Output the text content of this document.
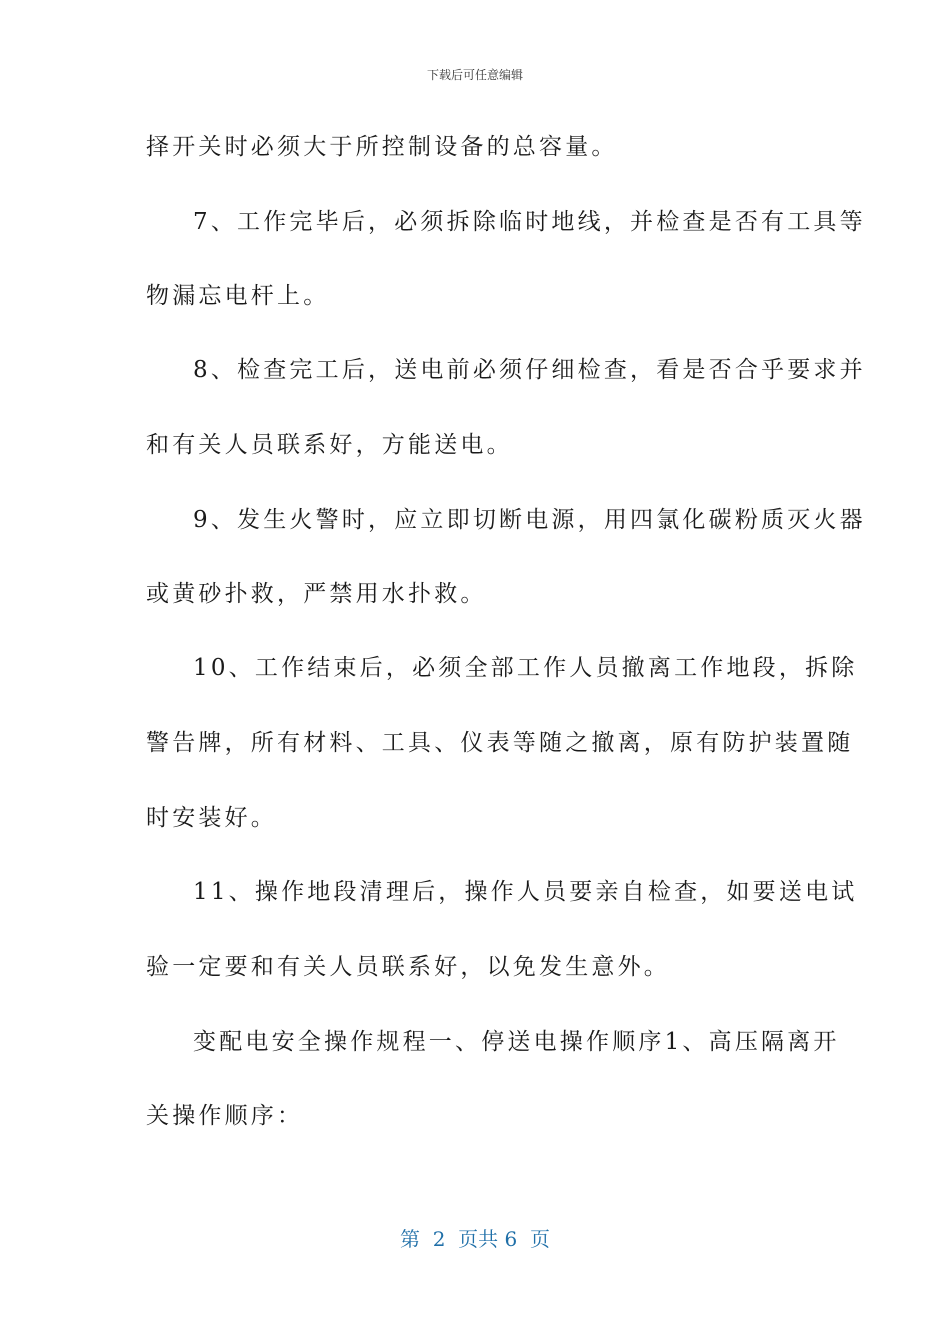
下载后可任意编辑
择开关时必须大于所控制设备的总容量。
7、工作完毕后，必须拆除临时地线，并检查是否有工具等
物漏忘电杆上。
8、检查完工后，送电前必须仔细检查，看是否合乎要求并
和有关人员联系好，方能送电。
9、发生火警时，应立即切断电源，用四氯化碳粉质灭火器
或黄砂扑救，严禁用水扑救。
10、工作结束后，必须全部工作人员撤离工作地段，拆除
警告牌，所有材料、工具、仪表等随之撤离，原有防护装置随
时安装好。
11、操作地段清理后，操作人员要亲自检查，如要送电试
验一定要和有关人员联系好，以免发生意外。
变配电安全操作规程一、停送电操作顺序1、高压隔离开
关操作顺序：
第  2  页共 6  页
